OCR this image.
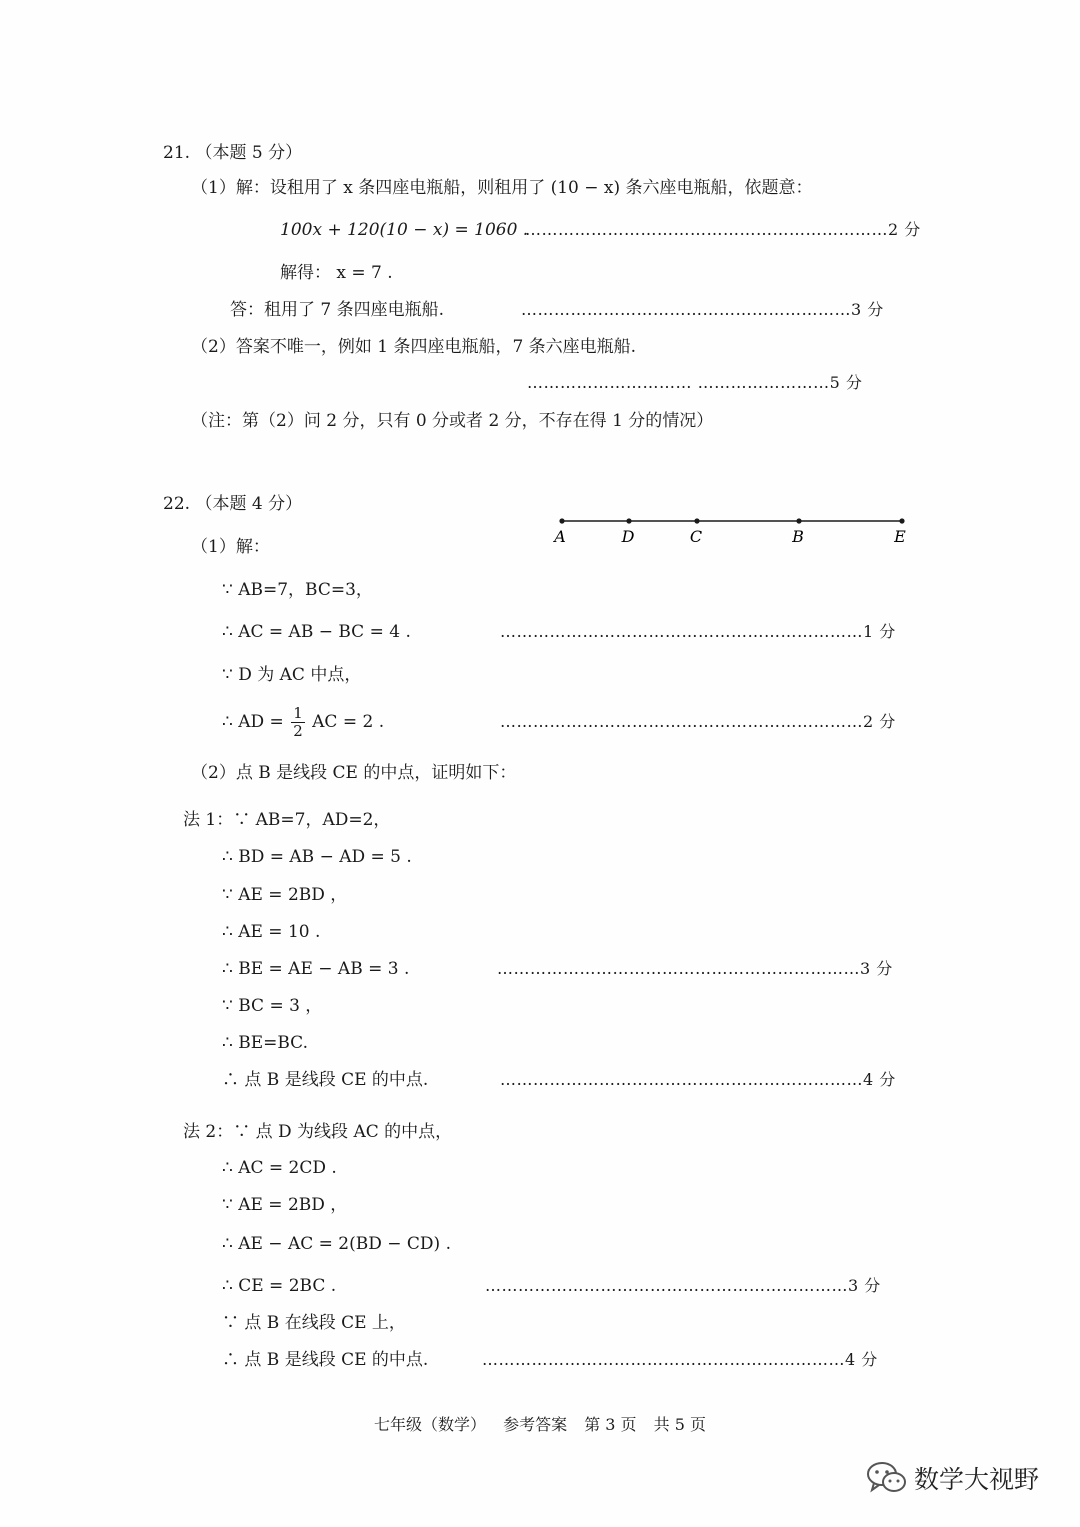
21. （本题 5 分）
（1）解：设租用了 x 条四座电瓶船，则租用了 (10 − x) 条六座电瓶船，依题意：
100x + 120(10 − x) = 1060 .
…………………………………………………………2 分
解得： x = 7 .
答：租用了 7 条四座电瓶船.	……………………………………………………3 分
（2）答案不唯一，例如 1 条四座电瓶船，7 条六座电瓶船.
………………………… ……………………5 分
（注：第（2）问 2 分，只有 0 分或者 2 分，不存在得 1 分的情况）
22. （本题 4 分）
A	D	C	B	E
（1）解：
∵ AB=7，BC=3，
∴ AC = AB − BC = 4 .	…………………………………………………………1 分
∵ D 为 AC 中点，
∴ AD = $\frac{1}{2}$ AC = 2 .	…………………………………………………………2 分
（2）点 B 是线段 CE 的中点，证明如下：
法 1：∵ AB=7，AD=2，
∴ BD = AB − AD = 5 .
∵ AE = 2BD ，
∴ AE = 10 .
∴ BE = AE − AB = 3 .	…………………………………………………………3 分
∵ BC = 3 ，
∴ BE=BC.
∴ 点 B 是线段 CE 的中点.	…………………………………………………………4 分
法 2：∵ 点 D 为线段 AC 的中点，
∴ AC = 2CD .
∵ AE = 2BD ，
∴ AE − AC = 2(BD − CD) .
∴ CE = 2BC .	…………………………………………………………3 分
∵ 点 B 在线段 CE 上，
∴ 点 B 是线段 CE 的中点.	…………………………………………………………4 分
七年级（数学） 参考答案 第 3 页 共 5 页
数学大视野
